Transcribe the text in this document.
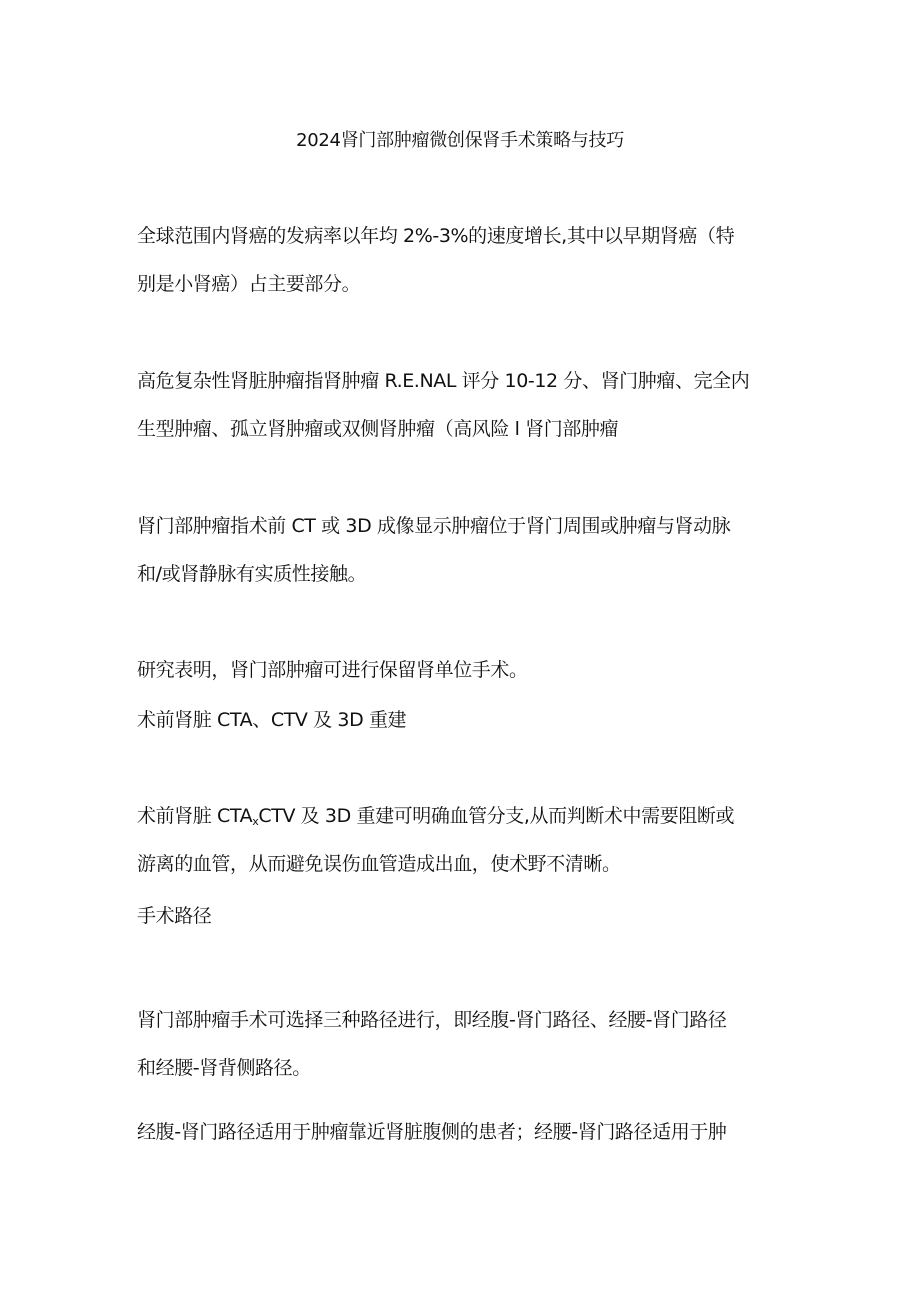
2024肾门部肿瘤微创保肾手术策略与技巧
全球范围内肾癌的发病率以年均 2%-3%的速度增长,其中以早期肾癌（特
别是小肾癌）占主要部分。
高危复杂性肾脏肿瘤指肾肿瘤 R.E.NAL 评分 10-12 分、肾门肿瘤、完全内
生型肿瘤、孤立肾肿瘤或双侧肾肿瘤（高风险 l 肾门部肿瘤
肾门部肿瘤指术前 CT 或 3D 成像显示肿瘤位于肾门周围或肿瘤与肾动脉
和/或肾静脉有实质性接触。
研究表明，肾门部肿瘤可进行保留肾单位手术。
术前肾脏 CTA、CTV 及 3D 重建
术前肾脏 $CTA_xCTV$ 及 3D 重建可明确血管分支,从而判断术中需要阻断或
游离的血管，从而避免误伤血管造成出血，使术野不清晰。
手术路径
肾门部肿瘤手术可选择三种路径进行，即经腹-肾门路径、经腰-肾门路径
和经腰-肾背侧路径。
经腹-肾门路径适用于肿瘤靠近肾脏腹侧的患者；经腰-肾门路径适用于肿
